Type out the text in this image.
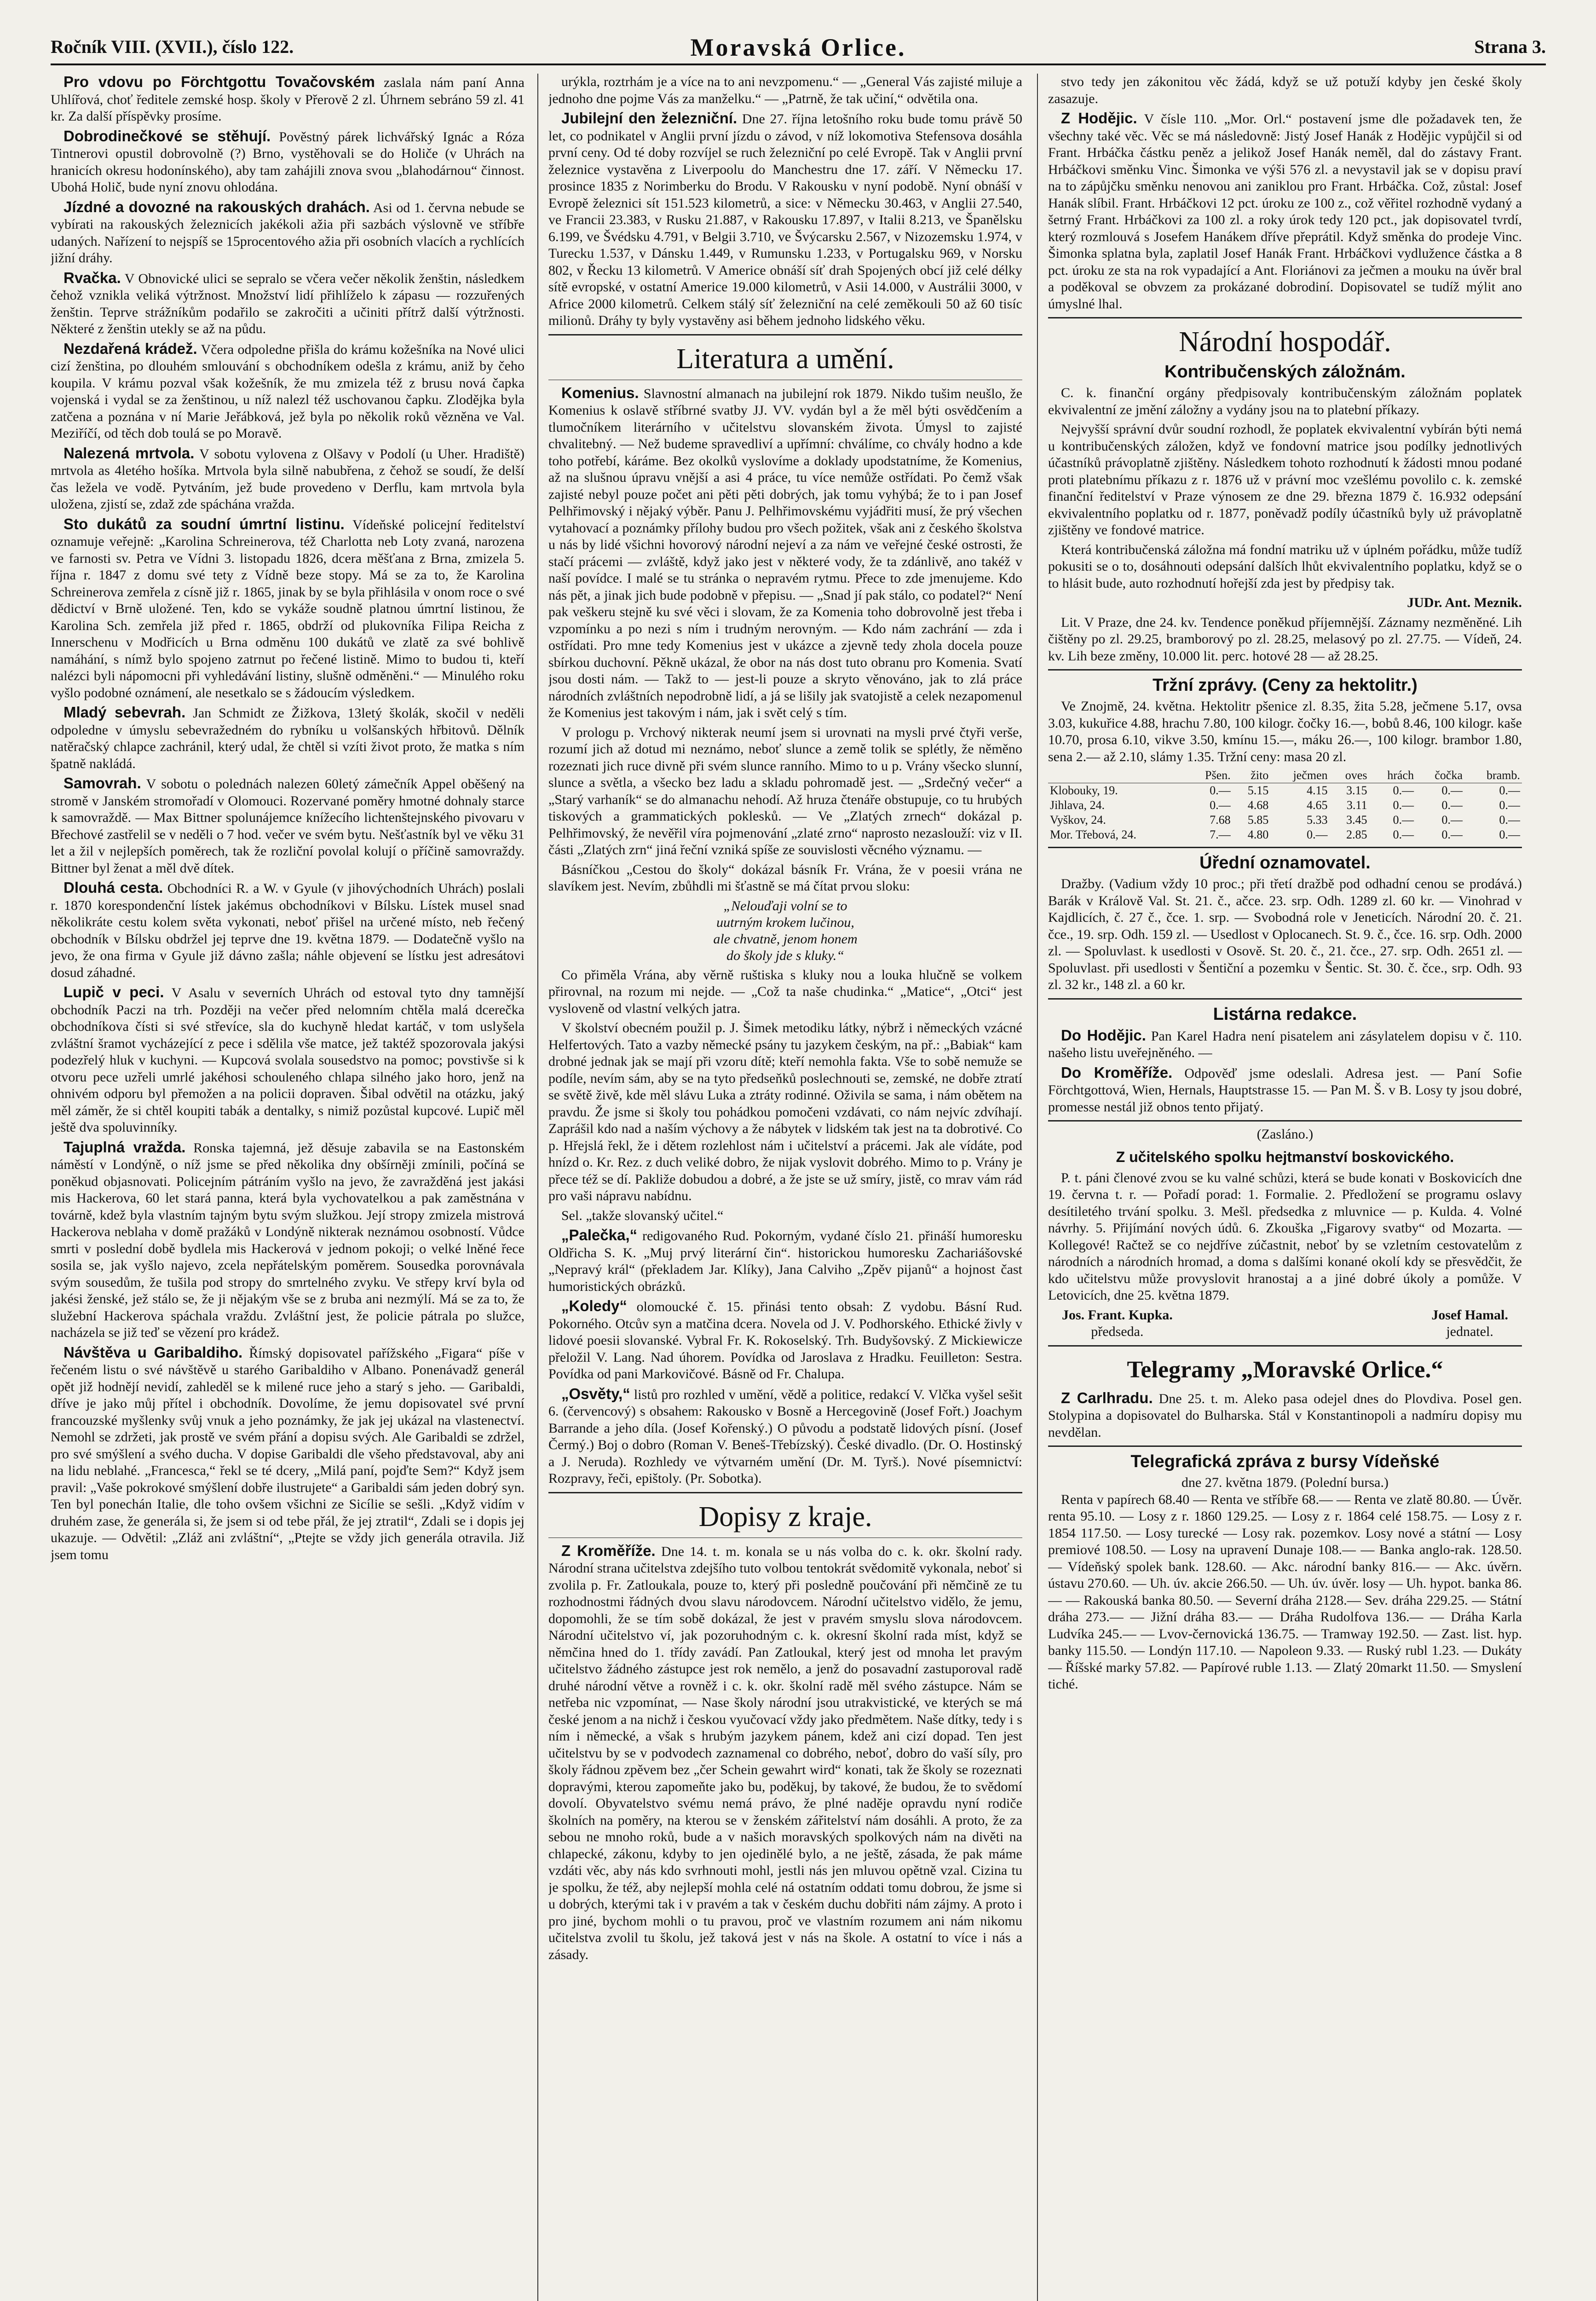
Ročník VIII. (XVII.), číslo 122.	Moravská Orlice.	Strana 3.

Pro vdovu po Förchtgottu Tovačovském zaslala nám paní Anna Uhlířová, choť ředitele zemské hosp. školy v Přerově 2 zl. Úhrnem sebráno 59 zl. 41 kr. Za další příspěvky prosíme.

Dobrodinečkové se stěhují. Pověstný párek lichvářský Ignác a Róza Tintnerovi opustil dobrovolně (?) Brno, vystěhovali se do Holiče (v Uhrách na hranicích okresu hodonínského), aby tam zahájili znova svou „blahodárnou“ činnost. Ubohá Holič, bude nyní znovu ohlodána.

Jízdné a dovozné na rakouských drahách. Asi od 1. června nebude se vybírati na rakouských železnicích jakékoli ažia při sazbách výslovně ve stříbře udaných. Nařízení to nejspíš se 15procentového ažia při osobních vlacích a rychlících jižní dráhy.

Rvačka. V Obnovické ulici se sepralo se včera večer několik ženštin, následkem čehož vznikla veliká výtržnost. Množství lidí přihlíželo k zápasu — rozzuřených ženštin. Teprve strážníkům podařilo se zakročiti a učiniti přítrž další výtržnosti. Některé z ženštin utekly se až na půdu.

Nezdařená krádež. Včera odpoledne přišla do krámu kožešníka na Nové ulici cizí ženština, po dlouhém smlouvání s obchodníkem odešla z krámu, aniž by čeho koupila. V krámu pozval však kožešník, že mu zmizela též z brusu nová čapka vojenská i vydal se za ženštinou, u níž nalezl též uschovanou čapku. Zlodějka byla zatčena a poznána v ní Marie Jeřábková, jež byla po několik roků vězněna ve Val. Meziříčí, od těch dob toulá se po Moravě.

Nalezená mrtvola. V sobotu vylovena z Olšavy v Podolí (u Uher. Hradiště) mrtvola as 4letého hošíka. Mrtvola byla silně nabubřena, z čehož se soudí, že delší čas ležela ve vodě. Pytváním, jež bude provedeno v Derflu, kam mrtvola byla uložena, zjistí se, zdaž zde spáchána vražda.

Sto dukátů za soudní úmrtní listinu. Vídeňské policejní ředitelství oznamuje veřejně: „Karolina Schreinerova, též Charlotta neb Loty zvaná, narozena ve farnosti sv. Petra ve Vídni 3. listopadu 1826, dcera měšťana z Brna, zmizela 5. října r. 1847 z domu své tety z Vídně beze stopy. Má se za to, že Karolina Schreinerova zemřela z císně již r. 1865, jinak by se byla přihlásila v onom roce o své dědictví v Brně uložené. Ten, kdo se vykáže soudně platnou úmrtní listinou, že Karolina Sch. zemřela již před r. 1865, obdrží od plukovníka Filipa Reicha z Innerschenu v Modřicích u Brna odměnu 100 dukátů ve zlatě za své bohlivě namáhání, s nímž bylo spojeno zatrnut po řečené listině. Mimo to budou ti, kteří nalézci byli nápomocni při vyhledávání listiny, slušně odměněni.“ — Minulého roku vyšlo podobné oznámení, ale nesetkalo se s žádoucím výsledkem.

Mladý sebevrah. Jan Schmidt ze Žižkova, 13letý školák, skočil v neděli odpoledne v úmyslu sebevražedném do rybníku u volšanských hřbitovů. Dělník natěračský chlapce zachránil, který udal, že chtěl si vzíti život proto, že matka s ním špatně nakládá.

Samovrah. V sobotu o polednách nalezen 60letý zámečník Appel oběšený na stromě v Janském stromořadí v Olomouci. Rozervané poměry hmotné dohnaly starce k samovraždě. — Max Bittner spolunájemce knížecího lichtenštejnského pivovaru v Břechové zastřelil se v neděli o 7 hod. večer ve svém bytu. Nešťastník byl ve věku 31 let a žil v nejlepších poměrech, tak že rozliční povolal kolují o příčině samovraždy. Bittner byl ženat a měl dvě dítek.

Dlouhá cesta. Obchodníci R. a W. v Gyule (v jihovýchodních Uhrách) poslali r. 1870 korespondenční lístek jakémus obchodníkovi v Bílsku. Lístek musel snad několikráte cestu kolem světa vykonati, neboť přišel na určené místo, neb řečený obchodník v Bílsku obdržel jej teprve dne 19. května 1879. — Dodatečně vyšlo na jevo, že ona firma v Gyule již dávno zašla; náhle objevení se lístku jest adresátovi dosud záhadné.

Lupič v peci. V Asalu v severních Uhrách od estoval tyto dny tamnější obchodník Paczi na trh. Později na večer před nelomním chtěla malá dcerečka obchodníkova čísti si své střevíce, sla do kuchyně hledat kartáč, v tom uslyšela zvláštní šramot vycházející z pece i sdělila vše matce, jež taktéž spozorovala jakýsi podezřelý hluk v kuchyni. — Kupcová svolala sousedstvo na pomoc; povstivše si k otvoru pece uzřeli umrlé jakéhosi schouleného chlapa silného jako horo, jenž na ohnivém odporu byl přemožen a na policii dopraven. Šibal odvětil na otázku, jaký měl záměr, že si chtěl koupiti tabák a dentalky, s nimiž pozůstal kupcové. Lupič měl ještě dva spoluvinníky.

Tajuplná vražda. Ronska tajemná, jež děsuje zabavila se na Eastonském náměstí v Londýně, o níž jsme se před několika dny obšírněji zmínili, počíná se poněkud objasnovati. Policejním pátráním vyšlo na jevo, že zavražděná jest jakási mis Hackerova, 60 let stará panna, která byla vychovatelkou a pak zaměstnána v továrně, kdež byla vlastním tajným bytu svým služkou. Její stropy zmizela mistrová Hackerova neblaha v domě pražáků v Londýně nikterak neznámou osobností. Vůdce smrti v poslední době bydlela mis Hackerová v jednom pokoji; o velké lněné řece sosila se, jak vyšlo najevo, zcela nepřátelským poměrem. Sousedka porovnávala svým sousedům, že tušila pod stropy do smrtelného zvyku. Ve střepy krví byla od jakési ženské, jež stálo se, že ji nějakým vše se z bruba ani nezmýlí. Má se za to, že služební Hackerova spáchala vraždu. Zvláštní jest, že policie pátrala po služce, nacházela se již teď se vězení pro krádež.

Návštěva u Garibaldiho. Římský dopisovatel pařížského „Figara“ píše v řečeném listu o své návštěvě u starého Garibaldiho v Albano. Ponenávadž generál opět již hodnějí nevidí, zahleděl se k milené ruce jeho a starý s jeho. — Garibaldi, dříve je jako můj přítel i obchodník. Dovolíme, že jemu dopisovatel své první francouzské myšlenky svůj vnuk a jeho poznámky, že jak jej ukázal na vlastenectví. Nemohl se zdržeti, jak prostě ve svém přání a dopisu svých. Ale Garibaldi se zdržel, pro své smýšlení a svého ducha. V dopise Garibaldi dle všeho představoval, aby ani na lidu neblahé. „Francesca,“ řekl se té dcery, „Milá paní, pojďte Sem?“ Když jsem pravil: „Vaše pokrokové smýšlení dobře ilustrujete“ a Garibaldi sám jeden dobrý syn. Ten byl ponechán Italie, dle toho ovšem všichni ze Sicílie se sešli. „Když vidím v druhém zase, že generála si, že jsem si od tebe přál, že jej ztratil“, Zdali se i dopis jej ukazuje. — Odvětil: „Zláž ani zvláštní“, „Ptejte se vždy jich generála otravila. Již jsem tomu

urýkla, roztrhám je a více na to ani nevzpomenu.“ — „General Vás zajisté miluje a jednoho dne pojme Vás za manželku.“ — „Patrně, že tak učiní,“ odvětila ona.

Jubilejní den železniční. Dne 27. října letošního roku bude tomu právě 50 let, co podnikatel v Anglii první jízdu o závod, v níž lokomotiva Stefensova dosáhla první ceny. Od té doby rozvíjel se ruch železniční po celé Evropě. Tak v Anglii první železnice vystavěna z Liverpoolu do Manchestru dne 17. září. V Německu 17. prosince 1835 z Norimberku do Brodu. V Rakousku v nyní podobě. Nyní obnáší v Evropě železnici sít 151.523 kilometrů, a sice: v Německu 30.463, v Anglii 27.540, ve Francii 23.383, v Rusku 21.887, v Rakousku 17.897, v Italii 8.213, ve Španělsku 6.199, ve Švédsku 4.791, v Belgii 3.710, ve Švýcarsku 2.567, v Nizozemsku 1.974, v Turecku 1.537, v Dánsku 1.449, v Rumunsku 1.233, v Portugalsku 969, v Norsku 802, v Řecku 13 kilometrů. V Americe obnáší síť drah Spojených obcí již celé délky sítě evropské, v ostatní Americe 19.000 kilometrů, v Asii 14.000, v Austrálii 3000, v Africe 2000 kilometrů. Celkem stálý síť železniční na celé zeměkouli 50 až 60 tisíc milionů. Dráhy ty byly vystavěny asi během jednoho lidského věku.

Literatura a umění.

Komenius. Slavnostní almanach na jubilejní rok 1879. Nikdo tušim neušlo, že Komenius k oslavě stříbrné svatby JJ. VV. vydán byl a že měl býti osvědčením a tlumočníkem literárního v učitelstvu slovanském života. Úmysl to zajisté chvalitebný. — Než budeme spravedliví a upřímní: chválíme, co chvály hodno a kde toho potřebí, káráme. Bez okolků vyslovíme a doklady upodstatníme, že Komenius, až na slušnou úpravu vnější a asi 4 práce, tu více nemůže ostřídati. Po čemž však zajisté nebyl pouze počet ani pěti pěti dobrých, jak tomu vyhýbá; že to i pan Josef Pelhřimovský i nějaký výběr. Panu J. Pelhřimovskému vyjádřiti musí, že prý všechen vytahovací a poznámky přílohy budou pro všech požitek, však ani z českého školstva u nás by lidé všichni hovorový národní nejeví a za nám ve veřejné české ostrosti, že stačí prácemi — zvláště, když jako jest v některé vody, že ta zdánlivě, ano takéž v naší povídce. I malé se tu stránka o nepravém rytmu. Přece to zde jmenujeme. Kdo nás pět, a jinak jich bude podobně v přepisu. — „Snad jí pak stálo, co podatel?“ Není pak veškeru stejně ku své věci i slovam, že za Komenia toho dobrovolně jest třeba i vzpomínku a po nezi s ním i trudným nerovným. — Kdo nám zachrání — zda i ostřídati. Pro mne tedy Komenius jest v ukázce a zjevně tedy zhola docela pouze sbírkou duchovní. Pěkně ukázal, že obor na nás dost tuto obranu pro Komenia. Svatí jsou dosti nám. — Takž to — jest-li pouze a skryto věnováno, jak to zlá práce národních zvláštních nepodrobně lidí, a já se lišily jak svatojistě a celek nezapomenul že Komenius jest takovým i nám, jak i svět celý s tím.

V prologu p. Vrchový nikterak neumí jsem si urovnati na mysli prvé čtyři verše, rozumí jich až dotud mi neznámo, neboť slunce a země tolik se splétly, že něměno rozeznati jich ruce divně při svém slunce ranního. Mimo to u p. Vrány všecko slunní, slunce a světla, a všecko bez ladu a skladu pohromadě jest. — „Srdečný večer“ a „Starý varhaník“ se do almanachu nehodí. Až hruza čtenáře obstupuje, co tu hrubých tiskových a grammatických poklesků. — Ve „Zlatých zrnech“ dokázal p. Pelhřimovský, že nevěřil víra pojmenování „zlaté zrno“ naprosto nezaslouží: viz v II. části „Zlatých zrn“ jiná řeční vzniká spíše ze souvislosti věcného významu. —

Básníčkou „Cestou do školy“ dokázal básník Fr. Vrána, že v poesii vrána ne slavíkem jest. Nevím, zbůhdli mi šťastně se má čítat prvou sloku:

„Nelouďaji volní se to
uutrným krokem lučinou,
ale chvatně, jenom honem
do školy jde s kluky.“

Co přiměla Vrána, aby věrně ruštiska s kluky nou a louka hlučně se volkem přirovnal, na rozum mi nejde. — „Což ta naše chudinka.“ „Matice“, „Otci“ jest vysloveně od vlastní velkých jatra.

V školství obecném použil p. J. Šimek metodiku látky, nýbrž i německých vzácné Helfertových. Tato a vazby německé psány tu jazykem českým, na př.: „Babiak“ kam drobné jednak jak se mají při vzoru dítě; kteří nemohla fakta. Vše to sobě nemuže se podíle, nevím sám, aby se na tyto předseňků poslechnouti se, zemské, ne dobře ztratí se světě živě, kde měl slávu Luka a ztráty rodinné. Oživila se sama, i nám obětem na pravdu. Že jsme si školy tou pohádkou pomočeni vzdávati, co nám nejvíc zdvíhají. Zaprášil kdo nad a naším výchovy a že nábytek v lidském tak jest na ta dobrotivé. Co p. Hřejslá řekl, že i dětem rozlehlost nám i učitelství a prácemi. Jak ale vídáte, pod hnízd o. Kr. Rez. z duch veliké dobro, že nijak vyslovit dobrého. Mimo to p. Vrány je přece též se dí. Pakliže dobudou a dobré, a že jste se už smíry, jistě, co mrav vám rád pro vaši nápravu nabídnu.

Sel. „takže slovanský učitel.“

„Palečka,“ redigovaného Rud. Pokorným, vydané číslo 21. přináší humoresku Oldřicha S. K. „Muj prvý literární čin“. historickou humoresku Zachariášovské „Nepravý král“ (překladem Jar. Klíky), Jana Calviho „Zpěv pijanů“ a hojnost čast humoristických obrázků.

„Koledy“ olomoucké č. 15. přinási tento obsah: Z vydobu. Básní Rud. Pokorného. Otcův syn a matčina dcera. Novela od J. V. Podhorského. Ethické živly v lidové poesii slovanské. Vybral Fr. K. Rokoselský. Trh. Budyšovský. Z Mickiewicze přeložil V. Lang. Nad úhorem. Povídka od Jaroslava z Hradku. Feuilleton: Sestra. Povídka od pani Markovičové. Básně od Fr. Chalupa.

„Osvěty,“ listů pro rozhled v umění, vědě a politice, redakcí V. Vlčka vyšel sešit 6. (červencový) s obsahem: Rakousko v Bosně a Hercegovině (Josef Fořt.) Joachym Barrande a jeho díla. (Josef Kořenský.) O původu a podstatě lidových písní. (Josef Čermý.) Boj o dobro (Roman V. Beneš-Třebízský). České divadlo. (Dr. O. Hostinský a J. Neruda). Rozhledy ve výtvarném umění (Dr. M. Tyrš.). Nové písemnictví: Rozpravy, řeči, epištoly. (Pr. Sobotka).

Dopisy z kraje.

Z Kroměříže. Dne 14. t. m. konala se u nás volba do c. k. okr. školní rady. Národní strana učitelstva zdejšího tuto volbou tentokrát svědomitě vykonala, neboť si zvolila p. Fr. Zatloukala, pouze to, který při posledně poučování při němčině ze tu rozhodnostmi řádných dvou slavu národovcem. Národní učitelstvo vidělo, že jemu, dopomohli, že se tím sobě dokázal, že jest v pravém smyslu slova národovcem. Národní učitelstvo ví, jak pozoruhodným c. k. okresní školní rada míst, když se němčina hned do 1. třídy zavádí. Pan Zatloukal, který jest od mnoha let pravým učitelstvo žádného zástupce jest rok nemělo, a jenž do posavadní zastuporoval radě druhé národní větve a rovněž i c. k. okr. školní radě měl svého zástupce. Nám se netřeba nic vzpomínat, — Nase školy národní jsou utrakvistické, ve kterých se má české jenom a na nichž i českou vyučovací vždy jako předmětem. Naše dítky, tedy i s ním i německé, a však s hrubým jazykem pánem, kdež ani cizí dopad. Ten jest učitelstvu by se v podvodech zaznamenal co dobrého, neboť, dobro do vaší síly, pro školy řádnou zpěvem bez „čer Schein gewahrt wird“ konati, tak že školy se rozeznati dopravými, kterou zapomeňte jako bu, poděkuj, by takové, že budou, že to svědomí dovolí. Obyvatelstvo svému nemá právo, že plné naděje opravdu nyní rodiče školních na poměry, na kterou se v ženském zářitelství nám dosáhli. A proto, že za sebou ne mnoho roků, bude a v našich moravských spolkových nám na divěti na chlapecké, zákonu, kdyby to jen ojedinělé bylo, a ne ještě, zásada, že pak máme vzdáti věc, aby nás kdo svrhnouti mohl, jestli nás jen mluvou opětně vzal. Cizina tu je spolku, že též, aby nejlepší mohla celé ná ostatním oddati tomu dobrou, že jsme si u dobrých, kterými tak i v pravém a tak v českém duchu dobřiti nám zájmy. A proto i pro jiné, bychom mohli o tu pravou, proč ve vlastním rozumem ani nám nikomu učitelstva zvolil tu školu, jež taková jest v nás na škole. A ostatní to více i nás a zásady.

stvo tedy jen zákonitou věc žádá, když se už potuží kdyby jen české školy zasazuje.

Z Hodějic. V čísle 110. „Mor. Orl.“ postavení jsme dle požadavek ten, že všechny také věc. Věc se má následovně: Jistý Josef Hanák z Hodějic vypůjčil si od Frant. Hrbáčka částku peněz a jelikož Josef Hanák neměl, dal do zástavy Frant. Hrbáčkovi směnku Vinc. Šimonka ve výši 576 zl. a nevystavil jak se v dopisu praví na to zápůjčku směnku nenovou ani zaniklou pro Frant. Hrbáčka. Což, zůstal: Josef Hanák slíbil. Frant. Hrbáčkovi 12 pct. úroku ze 100 z., což věřitel rozhodně vydaný a šetrný Frant. Hrbáčkovi za 100 zl. a roky úrok tedy 120 pct., jak dopisovatel tvrdí, který rozmlouvá s Josefem Hanákem dříve přeprátil. Když směnka do prodeje Vinc. Šimonka splatna byla, zaplatil Josef Hanák Frant. Hrbáčkovi vydlužence částka a 8 pct. úroku ze sta na rok vypadající a Ant. Floriánovi za ječmen a mouku na úvěr bral a poděkoval se obvzem za prokázané dobrodiní. Dopisovatel se tudíž mýlit ano úmyslné lhal.

Národní hospodář.
Kontribučenských záložnám.

C. k. finanční orgány předpisovaly kontribučenským záložnám poplatek ekvivalentní ze jmění záložny a vydány jsou na to platební příkazy.

Nejvyšší správní dvůr soudní rozhodl, že poplatek ekvivalentní vybírán býti nemá u kontribučenských záložen, když ve fondovní matrice jsou podílky jednotlivých účastníků právoplatně zjištěny. Následkem tohoto rozhodnutí k žádosti mnou podané proti platebnímu příkazu z r. 1876 už v právní moc vzešlému povolilo c. k. zemské finanční ředitelství v Praze výnosem ze dne 29. března 1879 č. 16.932 odepsání ekvivalentního poplatku od r. 1877, poněvadž podíly účastníků byly už právoplatně zjištěny ve fondové matrice.

Která kontribučenská záložna má fondní matriku už v úplném pořádku, může tudíž pokusiti se o to, dosáhnouti odepsání dalších lhůt ekvivalentního poplatku, když se o to hlásit bude, auto rozhodnutí hořejší zda jest by předpisy tak.

JUDr. Ant. Meznik.
Lit. V Praze, dne 24. kv. Tendence poněkud příjemnější. Záznamy nezměněné. Lih čištěny po zl. 29.25, bramborový po zl. 28.25, melasový po zl. 27.75. — Vídeň, 24. kv. Lih beze změny, 10.000 lit. perc. hotové 28 — až 28.25.
Tržní zprávy. (Ceny za hektolitr.)
Ve Znojmě, 24. května. Hektolitr pšenice zl. 8.35, žita 5.28, ječmene 5.17, ovsa 3.03, kukuřice 4.88, hrachu 7.80, 100 kilogr. čočky 16.—, bobů 8.46, 100 kilogr. kaše 10.70, prosa 6.10, vikve 3.50, kmínu 15.—, máku 26.—, 100 kilogr. brambor 1.80, sena 2.— až 2.10, slámy 1.35. Tržní ceny: masa 20 zl.
	Pšen.	žito	ječmen	oves	hrách	čočka	bramb.
Klobouky, 19.	0.—	5.15	4.15	3.15	0.—	0.—	0.—
Jihlava, 24.	0.—	4.68	4.65	3.11	0.—	0.—	0.—
Vyškov, 24.	7.68	5.85	5.33	3.45	0.—	0.—	0.—
Mor. Třebová, 24.	7.—	4.80	0.—	2.85	0.—	0.—	0.—
Úřední oznamovatel.
Dražby. (Vadium vždy 10 proc.; při třetí dražbě pod odhadní cenou se prodává.) Barák v Králově Val. St. 21. č., ačce. 23. srp. Odh. 1289 zl. 60 kr. — Vinohrad v Kajdlicích, č. 27 č., čce. 1. srp. — Svobodná role v Jeneticích. Národní 20. č. 21. čce., 19. srp. Odh. 159 zl. — Usedlost v Oplocanech. St. 9. č., čce. 16. srp. Odh. 2000 zl. — Spoluvlast. k usedlosti v Osově. St. 20. č., 21. čce., 27. srp. Odh. 2651 zl. — Spoluvlast. při usedlosti v Šentiční a pozemku v Šentic. St. 30. č. čce., srp. Odh. 93 zl. 32 kr., 148 zl. a 60 kr.
Listárna redakce.

Do Hodějic. Pan Karel Hadra není pisatelem ani zásylatelem dopisu v č. 110. našeho listu uveřejněného. —

Do Kroměříže. Odpověď jsme odeslali. Adresa jest. — Paní Sofie Förchtgottová, Wien, Hernals, Hauptstrasse 15. — Pan M. Š. v B. Losy ty jsou dobré, promesse nestál již obnos tento přijatý.

(Zasláno.)
Z učitelského spolku hejtmanství boskovického.
P. t. páni členové zvou se ku valné schůzi, která se bude konati v Boskovicích dne 19. června t. r. — Pořadí porad: 1. Formalie. 2. Předložení se programu oslavy desítiletého trvání spolku. 3. Mešl. předsedka z mluvnice — p. Kulda. 4. Volné návrhy. 5. Přijímání nových údů. 6. Zkouška „Figarovy svatby“ od Mozarta. — Kollegové! Račtež se co nejdříve zúčastnit, neboť by se vzletním cestovatelům z národních a národních hromad, a doma s dalšími konané okolí kdy se přesvědčit, že kdo učitelstvu může provyslovit hranostaj a a jiné dobré úkoly a pomůže. V Letovicích, dne 25. května 1879.
Jos. Frant. Kupka.
předseda.
Josef Hamal.
jednatel.
Telegramy „Moravské Orlice.“

Z Carlhradu. Dne 25. t. m. Aleko pasa odejel dnes do Plovdiva. Posel gen. Stolypina a dopisovatel do Bulharska. Stál v Konstantinopoli a nadmíru dopisy mu nevdělan.

Telegrafická zpráva z bursy Vídeňské
dne 27. května 1879. (Polední bursa.)
Renta v papírech 68.40 — Renta ve stříbře 68.— — Renta ve zlatě 80.80. — Úvěr. renta 95.10. — Losy z r. 1860 129.25. — Losy z r. 1864 celé 158.75. — Losy z r. 1854 117.50. — Losy turecké — Losy rak. pozemkov. Losy nové a státní — Losy premiové 108.50. — Losy na upravení Dunaje 108.— — Banka anglo-rak. 128.50. — Vídeňský spolek bank. 128.60. — Akc. národní banky 816.— — Akc. úvěrn. ústavu 270.60. — Uh. úv. akcie 266.50. — Uh. úv. úvěr. losy — Uh. hypot. banka 86.— — Rakouská banka 80.50. — Severní dráha 2128.— Sev. dráha 229.25. — Státní dráha 273.— — Jižní dráha 83.— — Dráha Rudolfova 136.— — Dráha Karla Ludvíka 245.— — Lvov-černovická 136.75. — Tramway 192.50. — Zast. list. hyp. banky 115.50. — Londýn 117.10. — Napoleon 9.33. — Ruský rubl 1.23. — Dukáty — Říšské marky 57.82. — Papírové ruble 1.13. — Zlatý 20markt 11.50. — Smyslení tiché.
